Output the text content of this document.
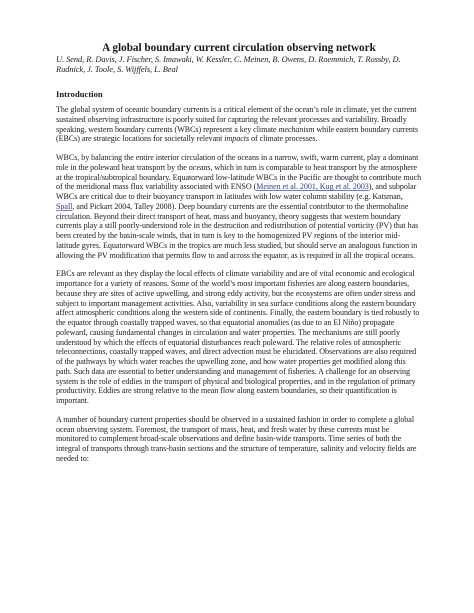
A global boundary current circulation observing network
U. Send, R. Davis, J. Fischer, S. Imawaki, W. Kessler, C. Meinen, B. Owens, D. Roemmich, T. Rossby, D. Rudnick, J. Toole, S. Wijffels, L. Beal
Introduction

The global system of oceanic boundary currents is a critical element of the ocean’s role in climate, yet the current sustained observing infrastructure is poorly suited for capturing the relevant processes and variability. Broadly speaking, western boundary currents (WBCs) represent a key climate mechanism while eastern boundary currents (EBCs) are strategic locations for societally relevant impacts of climate processes.

WBCs, by balancing the entire interior circulation of the oceans in a narrow, swift, warm current, play a dominant role in the poleward heat transport by the oceans, which in turn is comparable to heat transport by the atmosphere at the tropical/subtropical boundary. Equatorward low-latitude WBCs in the Pacific are thought to contribute much of the meridional mass flux variability associated with ENSO (Meinen et al. 2001, Kug et al. 2003), and subpolar WBCs are critical due to their buoyancy transport in latitudes with low water column stability (e.g. Katsman, Spall, and Pickart 2004, Talley 2008). Deep boundary currents are the essential contributor to the thermohaline circulation. Beyond their direct transport of heat, mass and buoyancy, theory suggests that western boundary currents play a still poorly-understood role in the destruction and redistribution of potential vorticity (PV) that has been created by the basin-scale winds, that in turn is key to the homogenized PV regions of the interior mid-latitude gyres. Equatorward WBCs in the tropics are much less studied, but should serve an analogous function in allowing the PV modification that permits flow to and across the equator, as is required in all the tropical oceans.

EBCs are relevant as they display the local effects of climate variability and are of vital economic and ecological importance for a variety of reasons. Some of the world’s most important fisheries are along eastern boundaries, because they are sites of active upwelling, and strong eddy activity, but the ecosystems are often under stress and subject to important management activities. Also, variability in sea surface conditions along the eastern boundary affect atmospheric conditions along the western side of continents. Finally, the eastern boundary is tied robustly to the equator through coastally trapped waves, so that equatorial anomalies (as due to an El Niño) propagate poleward, causing fundamental changes in circulation and water properties. The mechanisms are still poorly understood by which the effects of equatorial disturbances reach poleward. The relative roles of atmospheric teleconnections, coastally trapped waves, and direct advection must be elucidated. Observations are also required of the pathways by which water reaches the upwelling zone, and how water properties get modified along this path. Such data are essential to better understanding and management of fisheries. A challenge for an observing system is the role of eddies in the transport of physical and biological properties, and in the regulation of primary productivity. Eddies are strong relative to the mean flow along eastern boundaries, so their quantification is important.

A number of boundary current properties should be observed in a sustained fashion in order to complete a global ocean observing system. Foremost, the transport of mass, heat, and fresh water by these currents must be monitored to complement broad-scale observations and define basin-wide transports. Time series of both the integral of transports through trans-basin sections and the structure of temperature, salinity and velocity fields are needed to:
